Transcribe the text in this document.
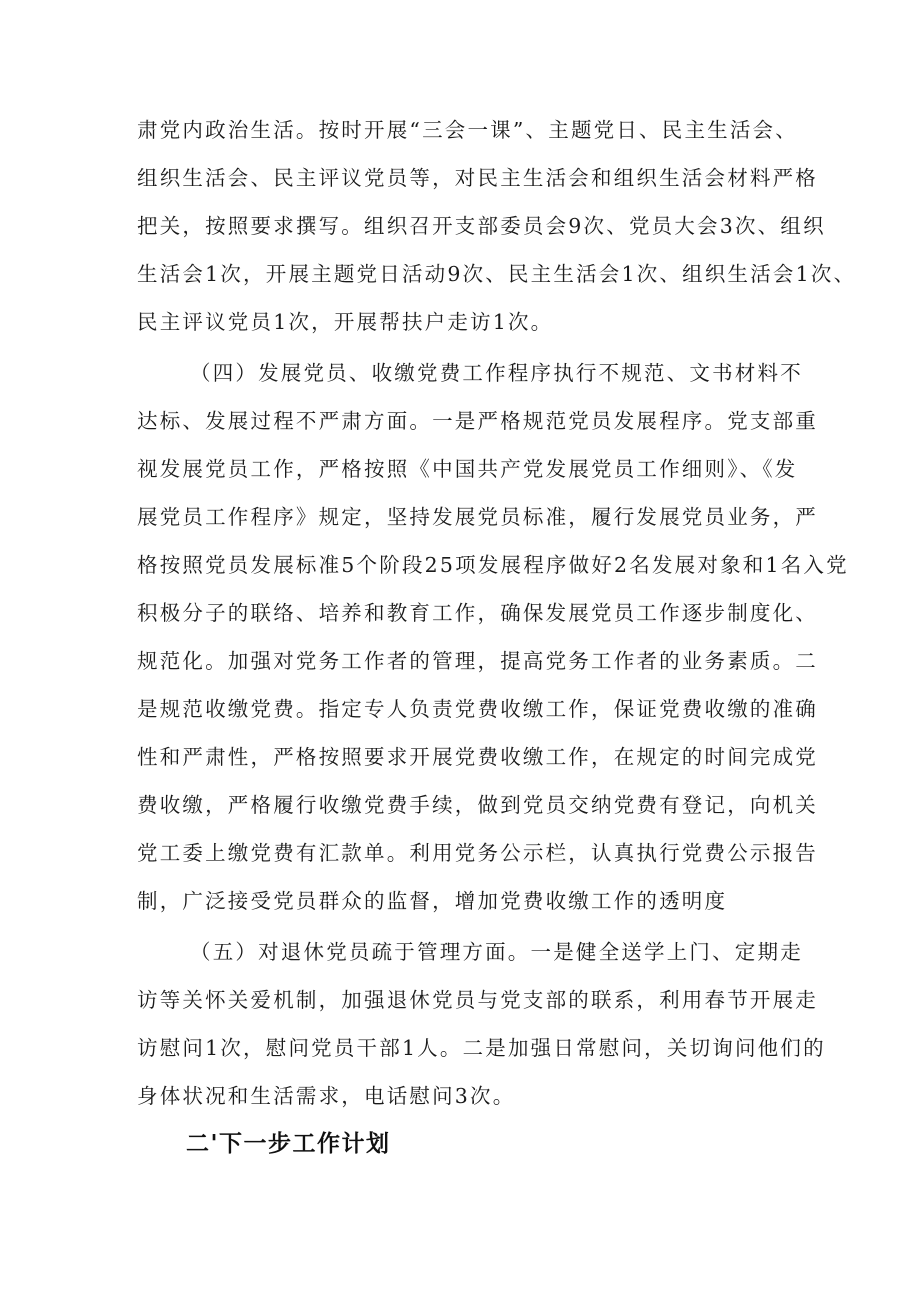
肃党内政治生活。按时开展“三会一课”、主题党日、民主生活会、
组织生活会、民主评议党员等，对民主生活会和组织生活会材料严格
把关，按照要求撰写。组织召开支部委员会9次、党员大会3次、组织
生活会1次，开展主题党日活动9次、民主生活会1次、组织生活会1次、
民主评议党员1次，开展帮扶户走访1次。
（四）发展党员、收缴党费工作程序执行不规范、文书材料不
达标、发展过程不严肃方面。一是严格规范党员发展程序。党支部重
视发展党员工作，严格按照《中国共产党发展党员工作细则》、《发
展党员工作程序》规定，坚持发展党员标准，履行发展党员业务，严
格按照党员发展标准5个阶段25项发展程序做好2名发展对象和1名入党
积极分子的联络、培养和教育工作，确保发展党员工作逐步制度化、
规范化。加强对党务工作者的管理，提高党务工作者的业务素质。二
是规范收缴党费。指定专人负责党费收缴工作，保证党费收缴的准确
性和严肃性，严格按照要求开展党费收缴工作，在规定的时间完成党
费收缴，严格履行收缴党费手续，做到党员交纳党费有登记，向机关
党工委上缴党费有汇款单。利用党务公示栏，认真执行党费公示报告
制，广泛接受党员群众的监督，增加党费收缴工作的透明度
（五）对退休党员疏于管理方面。一是健全送学上门、定期走
访等关怀关爱机制，加强退休党员与党支部的联系，利用春节开展走
访慰问1次，慰问党员干部1人。二是加强日常慰问，关切询问他们的
身体状况和生活需求，电话慰问3次。
二'下一步工作计划
